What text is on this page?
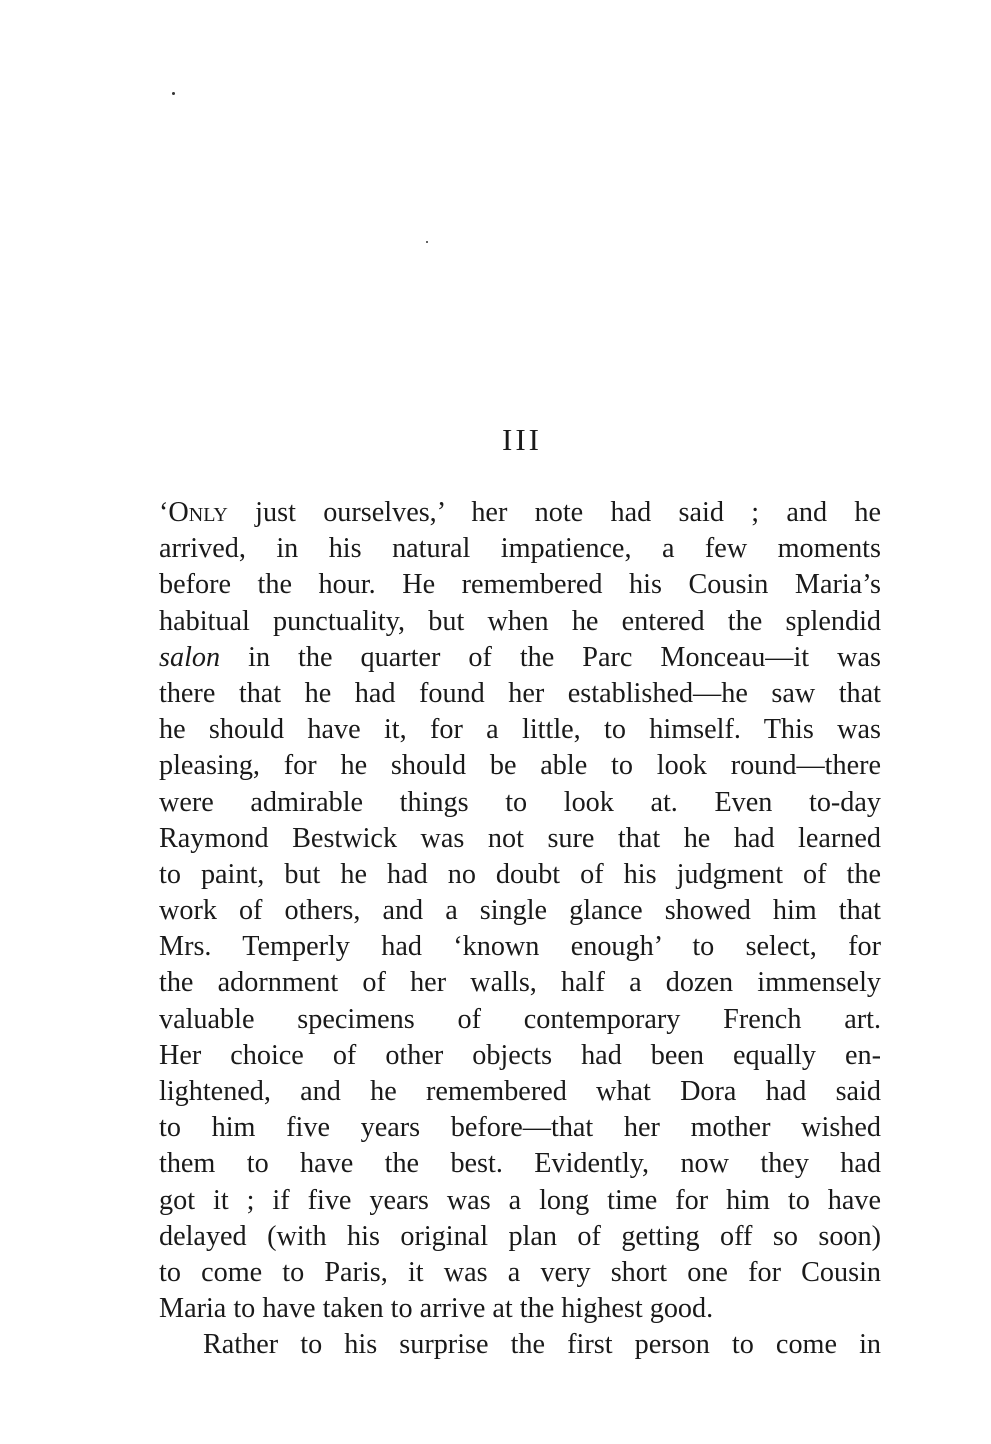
III
‘Only just ourselves,’ her note had said ; and he
arrived, in his natural impatience, a few moments
before the hour. He remembered his Cousin Maria’s
habitual punctuality, but when he entered the splendid
salon in the quarter of the Parc Monceau—it was
there that he had found her established—he saw that
he should have it, for a little, to himself. This was
pleasing, for he should be able to look round—there
were admirable things to look at. Even to-day
Raymond Bestwick was not sure that he had learned
to paint, but he had no doubt of his judgment of the
work of others, and a single glance showed him that
Mrs. Temperly had ‘known enough’ to select, for
the adornment of her walls, half a dozen immensely
valuable specimens of contemporary French art.
Her choice of other objects had been equally en-
lightened, and he remembered what Dora had said
to him five years before—that her mother wished
them to have the best. Evidently, now they had
got it ; if five years was a long time for him to have
delayed (with his original plan of getting off so soon)
to come to Paris, it was a very short one for Cousin
Maria to have taken to arrive at the highest good.
Rather to his surprise the first person to come in
